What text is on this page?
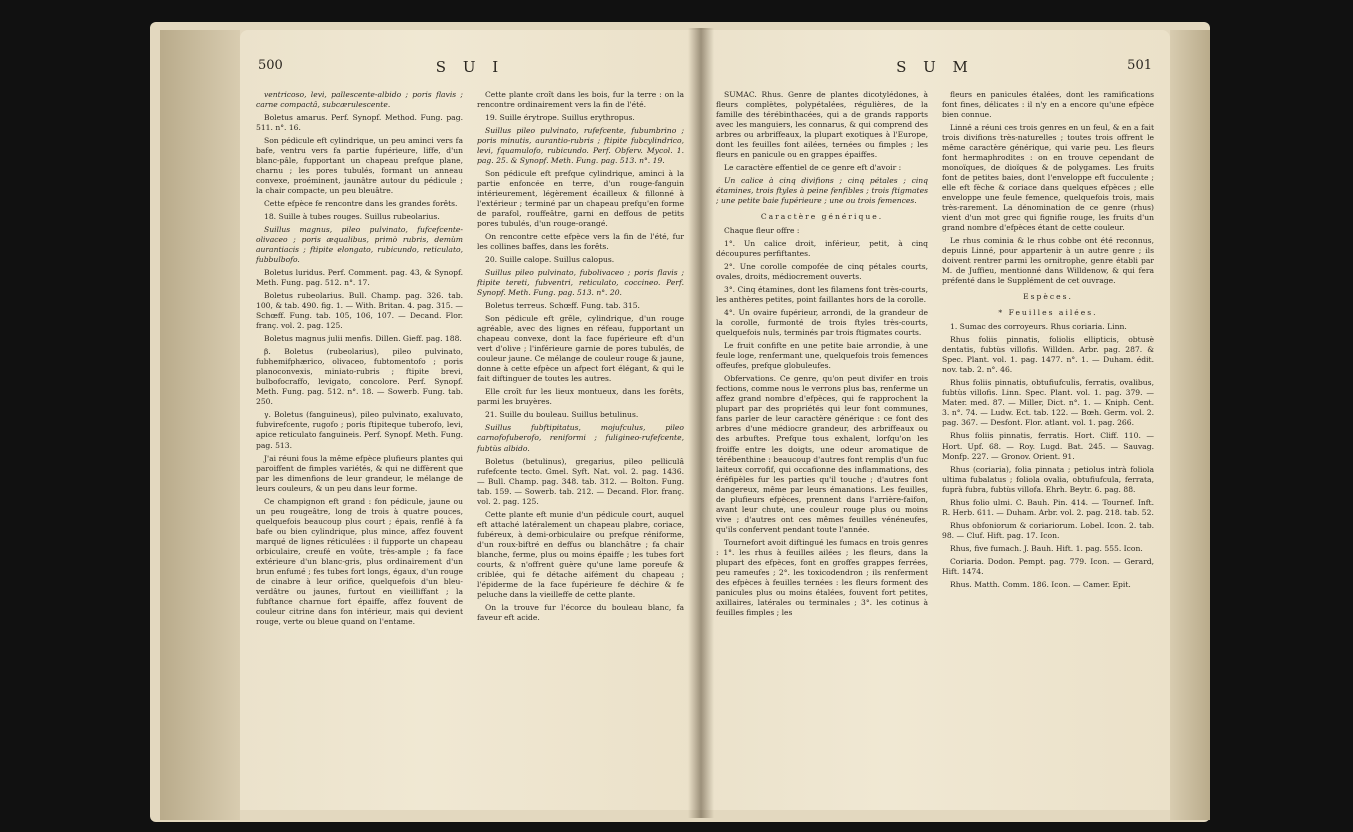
500	S U I

ventricoso, levi, pallescente-albido ; poris flavis ; carne compactâ, subcærulescente.

Boletus amarus. Perf. Synopf. Method. Fung. pag. 511. n°. 16.

Son pédicule eft cylindrique, un peu aminci vers fa bafe, ventru vers fa partie fupérieure, liffe, d'un blanc-pâle, fupportant un chapeau prefque plane, charnu ; les pores tubulés, formant un anneau convexe, proéminent, jaunâtre autour du pédicule ; la chair compacte, un peu bleuâtre.

Cette efpèce fe rencontre dans les grandes forêts.

18. Suille à tubes rouges. Suillus rubeolarius.

Suillus magnus, pileo pulvinato, fufcefcente-olivaceo ; poris æqualibus, primò rubris, demùm aurantiacis ; ftipite elongato, rubicundo, reticulato, fubbulbofo.

Boletus luridus. Perf. Comment. pag. 43, & Synopf. Meth. Fung. pag. 512. n°. 17.

Boletus rubeolarius. Bull. Champ. pag. 326. tab. 100, & tab. 490. fig. 1. — With. Britan. 4. pag. 315. — Schœff. Fung. tab. 105, 106, 107. — Decand. Flor. franç. vol. 2. pag. 125.

Boletus magnus julii menfis. Dillen. Gieff. pag. 188.

β. Boletus (rubeolarius), pileo pulvinato, fubhemifphærico, olivaceo, fubtomentofo ; poris planoconvexis, miniato-rubris ; ftipite brevi, bulbofocraffo, levigato, concolore. Perf. Synopf. Meth. Fung. pag. 512. n°. 18. — Sowerb. Fung. tab. 250.

γ. Boletus (fanguineus), pileo pulvinato, exaluvato, fubvirefcente, rugofo ; poris ftipiteque tuberofo, levi, apice reticulato fanguineis. Perf. Synopf. Meth. Fung. pag. 513.

J'ai réuni fous la même efpèce plufieurs plantes qui paroiffent de fimples variétés, & qui ne diffèrent que par les dimenfions de leur grandeur, le mélange de leurs couleurs, & un peu dans leur forme.

Ce champignon eft grand : fon pédicule, jaune ou un peu rougeâtre, long de trois à quatre pouces, quelquefois beaucoup plus court ; épais, renflé à fa bafe ou bien cylindrique, plus mince, affez fouvent marqué de lignes réticulées : il fupporte un chapeau orbiculaire, creufé en voûte, très-ample ; fa face extérieure d'un blanc-gris, plus ordinairement d'un brun enfumé ; fes tubes fort longs, égaux, d'un rouge de cinabre à leur orifice, quelquefois d'un bleu-verdâtre ou jaunes, furtout en vieilliffant ; la fubftance charnue fort épaiffe, affez fouvent de couleur citrine dans fon intérieur, mais qui devient rouge, verte ou bleue quand on l'entame.

Cette plante croît dans les bois, fur la terre : on la rencontre ordinairement vers la fin de l'été.

19. Suille érytrope. Suillus erythropus.

Suillus pileo pulvinato, rufefcente, fubumbrino ; poris minutis, aurantio-rubris ; ftipite fubcylindrico, levi, fquamulofo, rubicundo. Perf. Obferv. Mycol. 1. pag. 25. & Synopf. Meth. Fung. pag. 513. n°. 19.

Son pédicule eft prefque cylindrique, aminci à la partie enfoncée en terre, d'un rouge-fanguin intérieurement, légèrement écailleux & fillonné à l'extérieur ; terminé par un chapeau prefqu'en forme de parafol, rouffeâtre, garni en deffous de petits pores tubulés, d'un rouge-orangé.

On rencontre cette efpèce vers la fin de l'été, fur les collines baffes, dans les forêts.

20. Suille calope. Suillus calopus.

Suillus pileo pulvinato, fubolivaceo ; poris flavis ; ftipite tereti, fubventri, reticulato, coccineo. Perf. Synopf. Meth. Fung. pag. 513. n°. 20.

Boletus terreus. Schœff. Fung. tab. 315.

Son pédicule eft grêle, cylindrique, d'un rouge agréable, avec des lignes en réfeau, fupportant un chapeau convexe, dont la face fupérieure eft d'un vert d'olive ; l'inférieure garnie de pores tubulés, de couleur jaune. Ce mélange de couleur rouge & jaune, donne à cette efpèce un afpect fort élégant, & qui le fait diftinguer de toutes les autres.

Elle croît fur les lieux montueux, dans les forêts, parmi les bruyères.

21. Suille du bouleau. Suillus betulinus.

Suillus fubftipitatus, mojufculus, pileo carnofofuberofo, reniformi ; fuligineo-rufefcente, fubtùs albido.

Boletus (betulinus), gregarius, pileo pelliculâ rufefcente tecto. Gmel. Syft. Nat. vol. 2. pag. 1436. — Bull. Champ. pag. 348. tab. 312. — Bolton. Fung. tab. 159. — Sowerb. tab. 212. — Decand. Flor. franç. vol. 2. pag. 125.

Cette plante eft munie d'un pédicule court, auquel eft attaché latéralement un chapeau plabre, coriace, fubéreux, à demi-orbiculaire ou prefque réniforme, d'un roux-biftré en deffus ou blanchâtre ; fa chair blanche, ferme, plus ou moins épaiffe ; les tubes fort courts, & n'offrent guère qu'une lame poreufe & criblée, qui fe détache aifément du chapeau ; l'épiderme de la face fupérieure fe déchire & fe peluche dans la vieilleffe de cette plante.

On la trouve fur l'écorce du bouleau blanc, fa faveur eft acide.

S U M	501

SUMAC. Rhus. Genre de plantes dicotylédones, à fleurs complètes, polypétalées, régulières, de la famille des térébinthacées, qui a de grands rapports avec les manguiers, les connarus, & qui comprend des arbres ou arbriffeaux, la plupart exotiques à l'Europe, dont les feuilles font ailées, ternées ou fimples ; les fleurs en panicule ou en grappes épaiffes.

Le caractère effentiel de ce genre eft d'avoir :

Un calice à cinq divifions ; cinq pétales ; cinq étamines, trois ftyles à peine fenfibles ; trois ftigmates ; une petite baie fupérieure ; une ou trois femences.

Caractère générique.

Chaque fleur offre :

1°. Un calice droit, inférieur, petit, à cinq découpures perfiftantes.

2°. Une corolle compofée de cinq pétales courts, ovales, droits, médiocrement ouverts.

3°. Cinq étamines, dont les filamens font très-courts, les anthères petites, point faillantes hors de la corolle.

4°. Un ovaire fupérieur, arrondi, de la grandeur de la corolle, furmonté de trois ftyles très-courts, quelquefois nuls, terminés par trois ftigmates courts.

Le fruit confifte en une petite baie arrondie, à une feule loge, renfermant une, quelquefois trois femences offeufes, prefque globuleufes.

Obfervations. Ce genre, qu'on peut divifer en trois fections, comme nous le verrons plus bas, renferme un affez grand nombre d'efpèces, qui fe rapprochent la plupart par des propriétés qui leur font communes, fans parler de leur caractère générique : ce font des arbres d'une médiocre grandeur, des arbriffeaux ou des arbuftes. Prefque tous exhalent, lorfqu'on les froiffe entre les doigts, une odeur aromatique de térébenthine : beaucoup d'autres font remplis d'un fuc laiteux corrofif, qui occafionne des inflammations, des éréfipèles fur les parties qu'il touche ; d'autres font dangereux, même par leurs émanations. Les feuilles, de plufieurs efpèces, prennent dans l'arrière-faifon, avant leur chute, une couleur rouge plus ou moins vive ; d'autres ont ces mêmes feuilles vénéneufes, qu'ils confervent pendant toute l'année.

Tournefort avoit diftingué les fumacs en trois genres : 1°. les rhus à feuilles ailées ; les fleurs, dans la plupart des efpèces, font en groffes grappes ferrées, peu rameufes ; 2°. les toxicodendron ; ils renferment des efpèces à feuilles ternées : les fleurs forment des panicules plus ou moins étalées, fouvent fort petites, axillaires, latérales ou terminales ; 3°. les cotinus à feuilles fimples ; les

fleurs en panicules étalées, dont les ramifications font fines, délicates : il n'y en a encore qu'une efpèce bien connue.

Linné a réuni ces trois genres en un feul, & en a fait trois divifions très-naturelles ; toutes trois offrent le même caractère générique, qui varie peu. Les fleurs font hermaphrodites : on en trouve cependant de monoïques, de dioïques & de polygames. Les fruits font de petites baies, dont l'enveloppe eft fucculente ; elle eft fèche & coriace dans quelques efpèces ; elle enveloppe une feule femence, quelquefois trois, mais très-rarement. La dénomination de ce genre (rhus) vient d'un mot grec qui fignifie rouge, les fruits d'un grand nombre d'efpèces étant de cette couleur.

Le rhus cominia & le rhus cobbe ont été reconnus, depuis Linné, pour appartenir à un autre genre ; ils doivent rentrer parmi les ornitrophe, genre établi par M. de Juffieu, mentionné dans Willdenow, & qui fera préfenté dans le Supplément de cet ouvrage.

Espèces.

* Feuilles ailées.

1. Sumac des corroyeurs. Rhus coriaria. Linn.

Rhus foliis pinnatis, foliolis ellipticis, obtusè dentatis, fubtùs villofis. Willden. Arbr. pag. 287. & Spec. Plant. vol. 1. pag. 1477. n°. 1. — Duham. édit. nov. tab. 2. n°. 46.

Rhus foliis pinnatis, obtufiufculis, ferratis, ovalibus, fubtùs villofis. Linn. Spec. Plant. vol. 1. pag. 379. — Mater. med. 87. — Miller, Dict. n°. 1. — Kniph. Cent. 3. n°. 74. — Ludw. Ect. tab. 122. — Bœh. Germ. vol. 2. pag. 367. — Desfont. Flor. atlant. vol. 1. pag. 266.

Rhus foliis pinnatis, ferratis. Hort. Cliff. 110. — Hort. Upf. 68. — Roy. Lugd. Bat. 245. — Sauvag. Monfp. 227. — Gronov. Orient. 91.

Rhus (coriaria), folia pinnata ; petiolus intrà foliola ultima fubalatus ; foliola ovalia, obtufiufcula, ferrata, fuprà fubra, fubtùs villofa. Ehrh. Beytr. 6. pag. 88.

Rhus folio ulmi. C. Bauh. Pin. 414. — Tournef. Inft. R. Herb. 611. — Duham. Arbr. vol. 2. pag. 218. tab. 52.

Rhus obfoniorum & coriariorum. Lobel. Icon. 2. tab. 98. — Cluf. Hift. pag. 17. Icon.

Rhus, five fumach. J. Bauh. Hift. 1. pag. 555. Icon.

Coriaria. Dodon. Pempt. pag. 779. Icon. — Gerard, Hift. 1474.

Rhus. Matth. Comm. 186. Icon. — Camer. Epit.
